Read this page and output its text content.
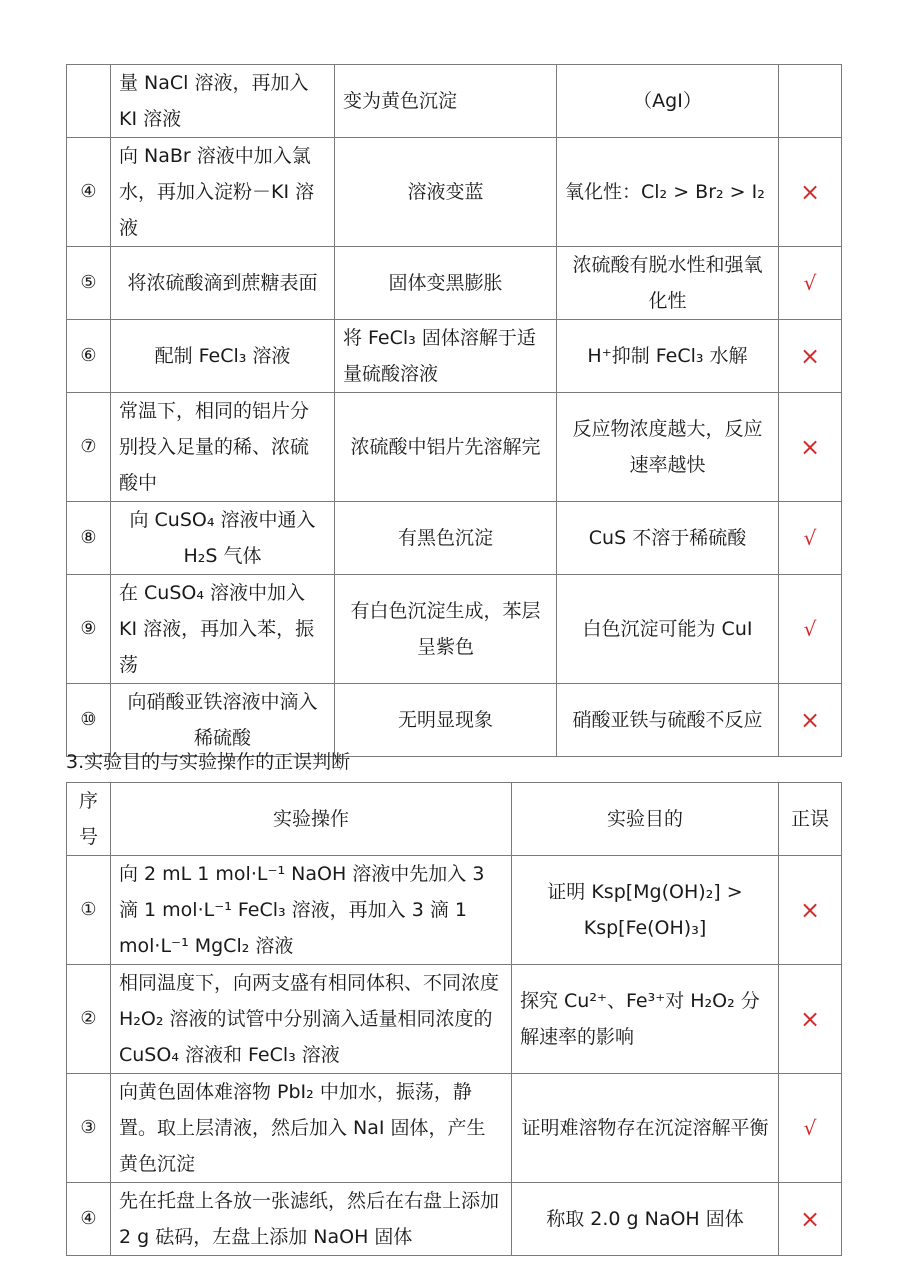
	量 NaCl 溶液，再加入 KI 溶液	变为黄色沉淀	（AgI）	
④	向 NaBr 溶液中加入氯水，再加入淀粉－KI 溶液	溶液变蓝	氧化性：Cl₂ > Br₂ > I₂	×
⑤	将浓硫酸滴到蔗糖表面	固体变黑膨胀	浓硫酸有脱水性和强氧化性	√
⑥	配制 FeCl₃ 溶液	将 FeCl₃ 固体溶解于适量硫酸溶液	H⁺抑制 FeCl₃ 水解	×
⑦	常温下，相同的铝片分别投入足量的稀、浓硫酸中	浓硫酸中铝片先溶解完	反应物浓度越大，反应速率越快	×
⑧	向 CuSO₄ 溶液中通入 H₂S 气体	有黑色沉淀	CuS 不溶于稀硫酸	√
⑨	在 CuSO₄ 溶液中加入 KI 溶液，再加入苯，振荡	有白色沉淀生成，苯层呈紫色	白色沉淀可能为 CuI	√
⑩	向硝酸亚铁溶液中滴入稀硫酸	无明显现象	硝酸亚铁与硫酸不反应	×
3.实验目的与实验操作的正误判断
序号	实验操作	实验目的	正误
①	向 2 mL 1 mol·L⁻¹ NaOH 溶液中先加入 3 滴 1 mol·L⁻¹ FeCl₃ 溶液，再加入 3 滴 1 mol·L⁻¹ MgCl₂ 溶液	证明 Ksp[Mg(OH)₂] > Ksp[Fe(OH)₃]	×
②	相同温度下，向两支盛有相同体积、不同浓度 H₂O₂ 溶液的试管中分别滴入适量相同浓度的 CuSO₄ 溶液和 FeCl₃ 溶液	探究 Cu²⁺、Fe³⁺对 H₂O₂ 分解速率的影响	×
③	向黄色固体难溶物 PbI₂ 中加水，振荡，静置。取上层清液，然后加入 NaI 固体，产生黄色沉淀	证明难溶物存在沉淀溶解平衡	√
④	先在托盘上各放一张滤纸，然后在右盘上添加 2 g 砝码，左盘上添加 NaOH 固体	称取 2.0 g NaOH 固体	×
